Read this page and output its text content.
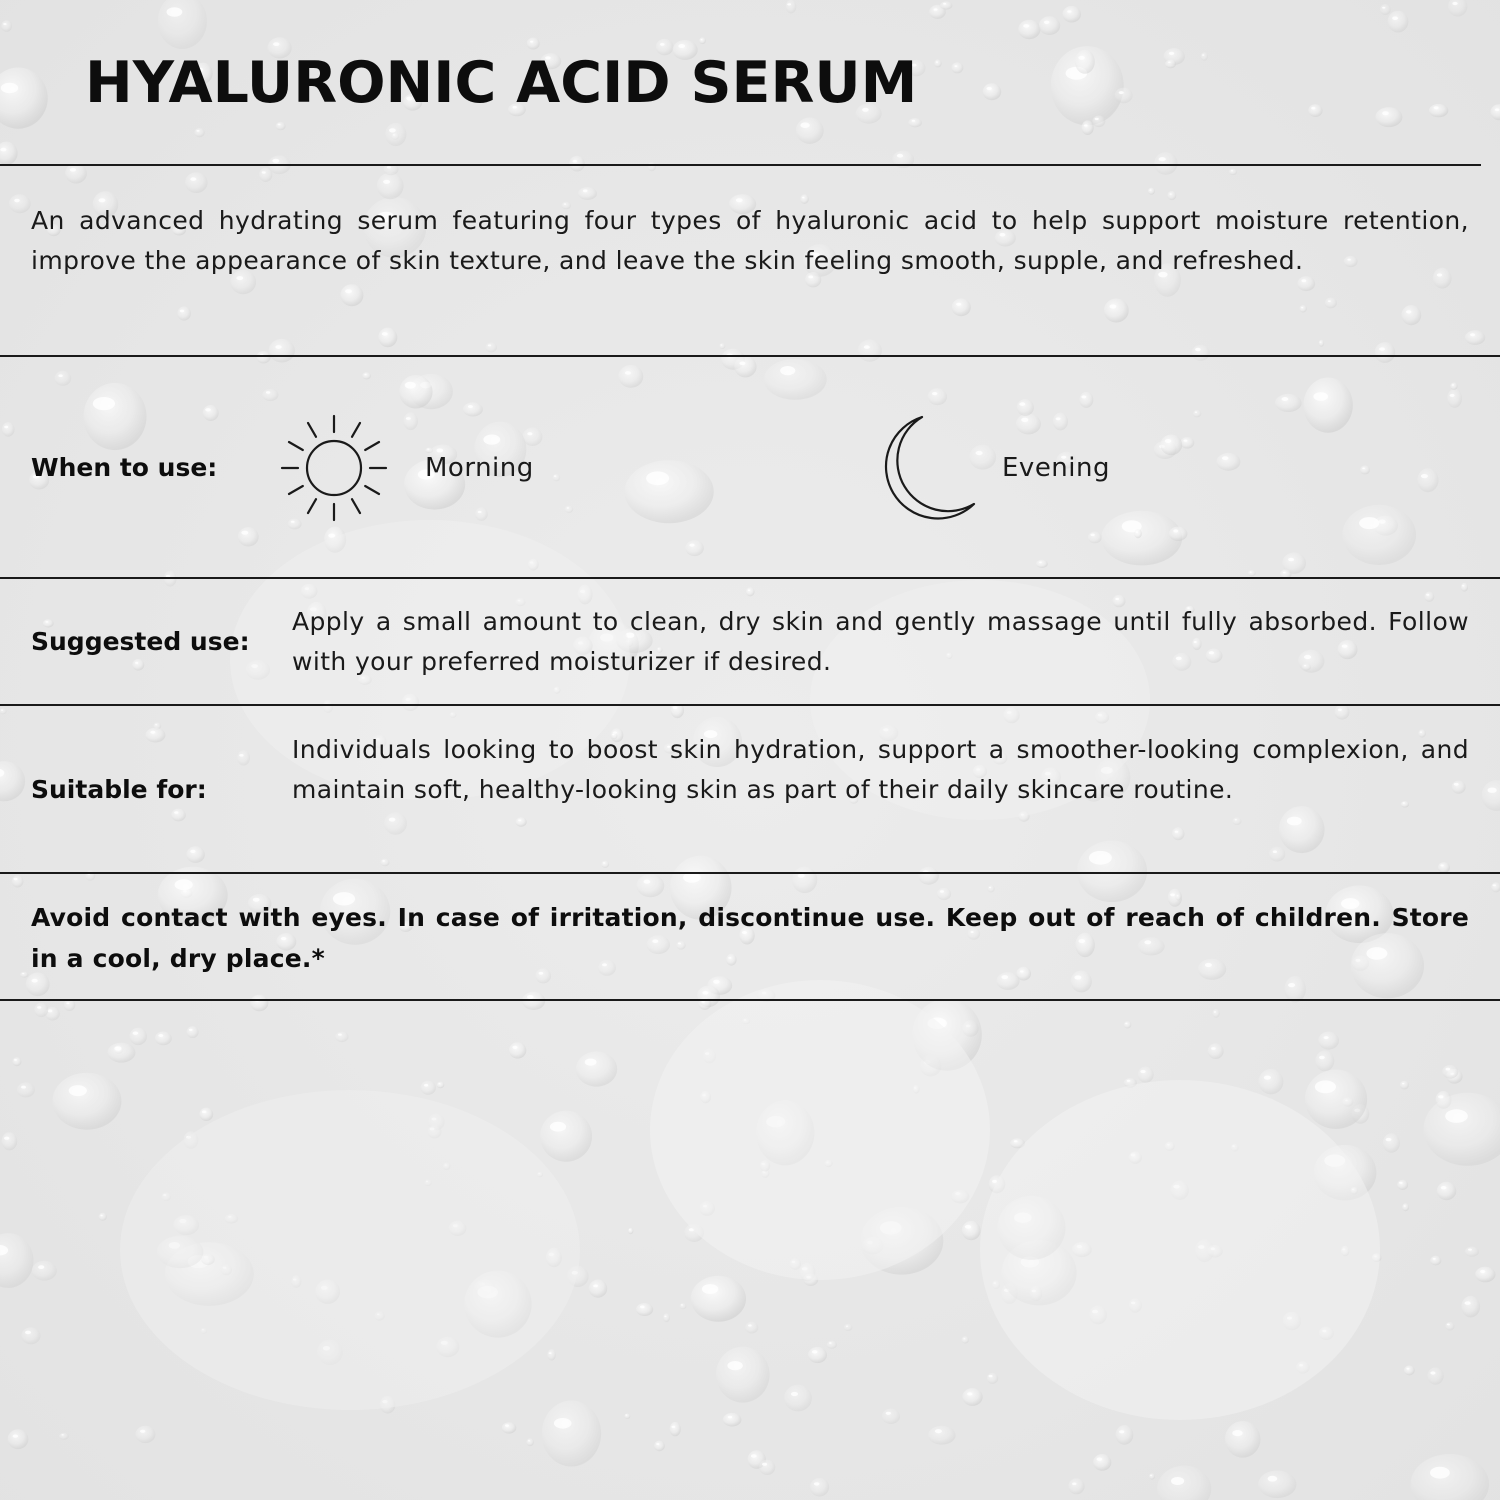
HYALURONIC ACID SERUM

An advanced hydrating serum featuring four types of hyaluronic acid to help support moisture retention, improve the appearance of skin texture, and leave the skin feeling smooth, supple, and refreshed.

When to use:	Morning	Evening
Suggested use:
Apply a small amount to clean, dry skin and gently massage until fully absorbed. Follow with your preferred moisturizer if desired.
Suitable for:
Individuals looking to boost skin hydration, support a smoother-looking complexion, and maintain soft, healthy-looking skin as part of their daily skincare routine.
Avoid contact with eyes. In case of irritation, discontinue use. Keep out of reach of children. Store in a cool, dry place.*
